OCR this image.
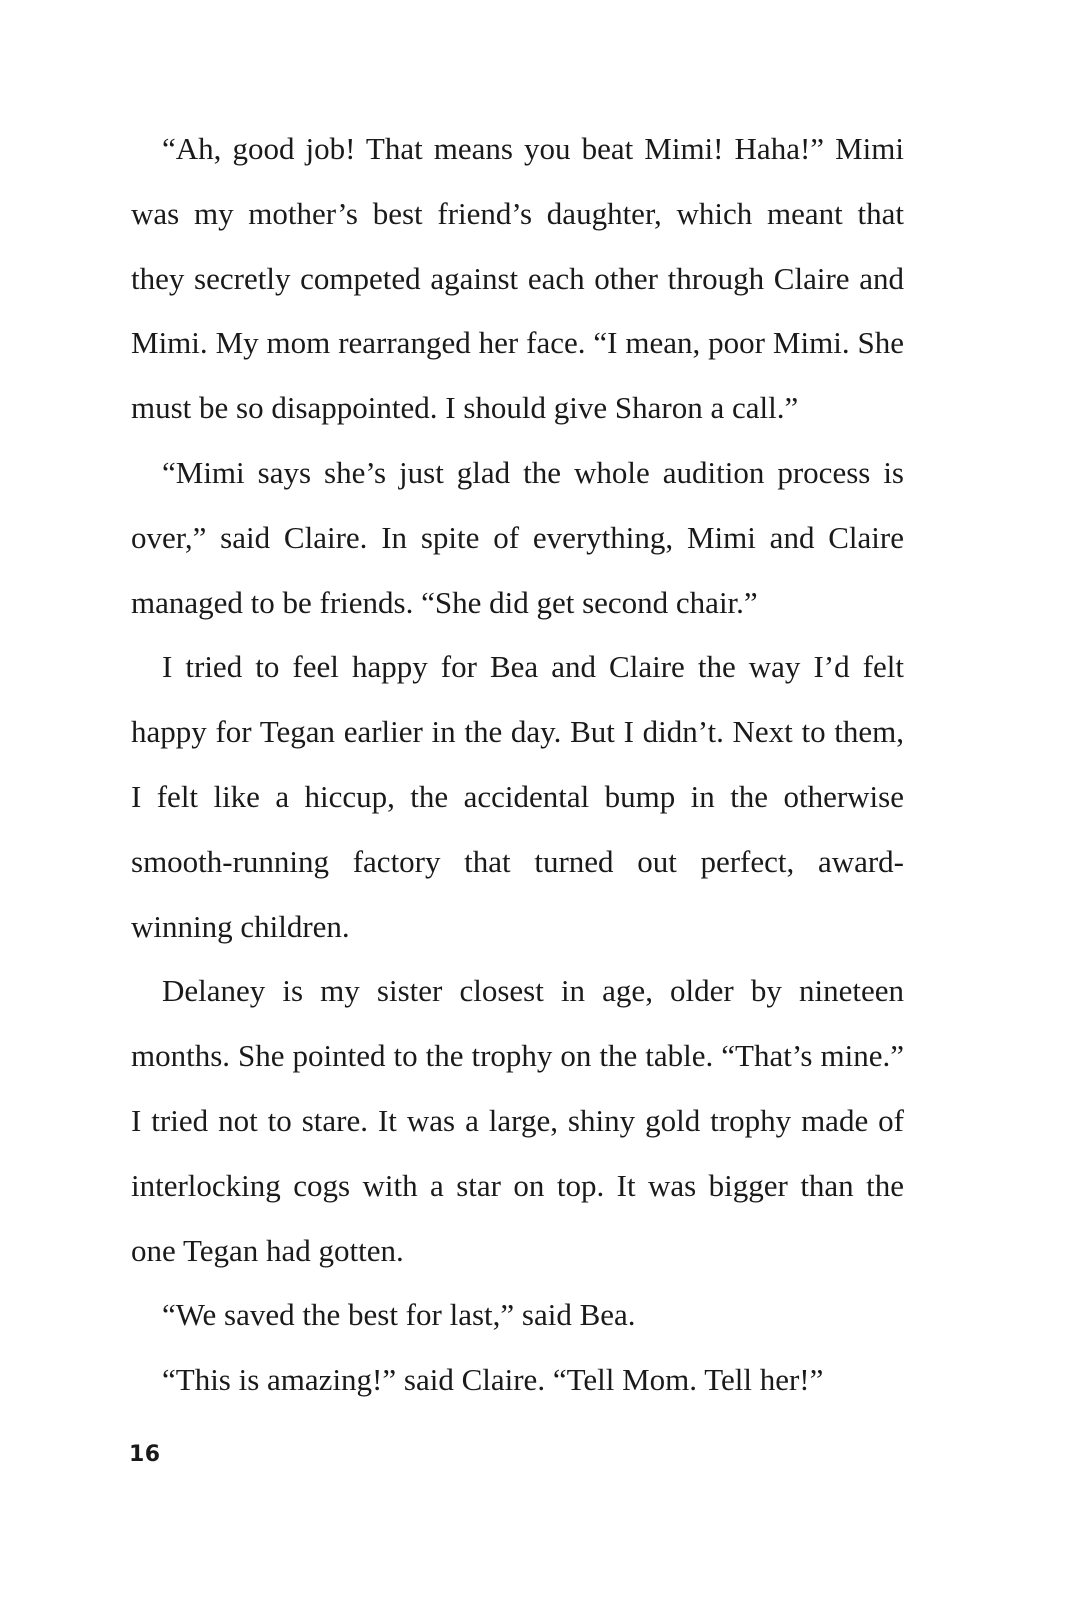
“Ah, good job! That means you beat Mimi! Haha!” Mimi was my mother’s best friend’s daughter, which meant that they secretly competed against each other through Claire and Mimi. My mom rearranged her face. “I mean, poor Mimi. She must be so disappointed. I should give Sharon a call.”

“Mimi says she’s just glad the whole audition process is over,” said Claire. In spite of everything, Mimi and Claire managed to be friends. “She did get second chair.”

I tried to feel happy for Bea and Claire the way I’d felt happy for Tegan earlier in the day. But I didn’t. Next to them, I felt like a hiccup, the accidental bump in the otherwise smooth-running factory that turned out perfect, award-winning children.

Delaney is my sister closest in age, older by nineteen months. She pointed to the trophy on the table. “That’s mine.” I tried not to stare. It was a large, shiny gold trophy made of interlocking cogs with a star on top. It was bigger than the one Tegan had gotten.

“We saved the best for last,” said Bea.

“This is amazing!” said Claire. “Tell Mom. Tell her!”

16
